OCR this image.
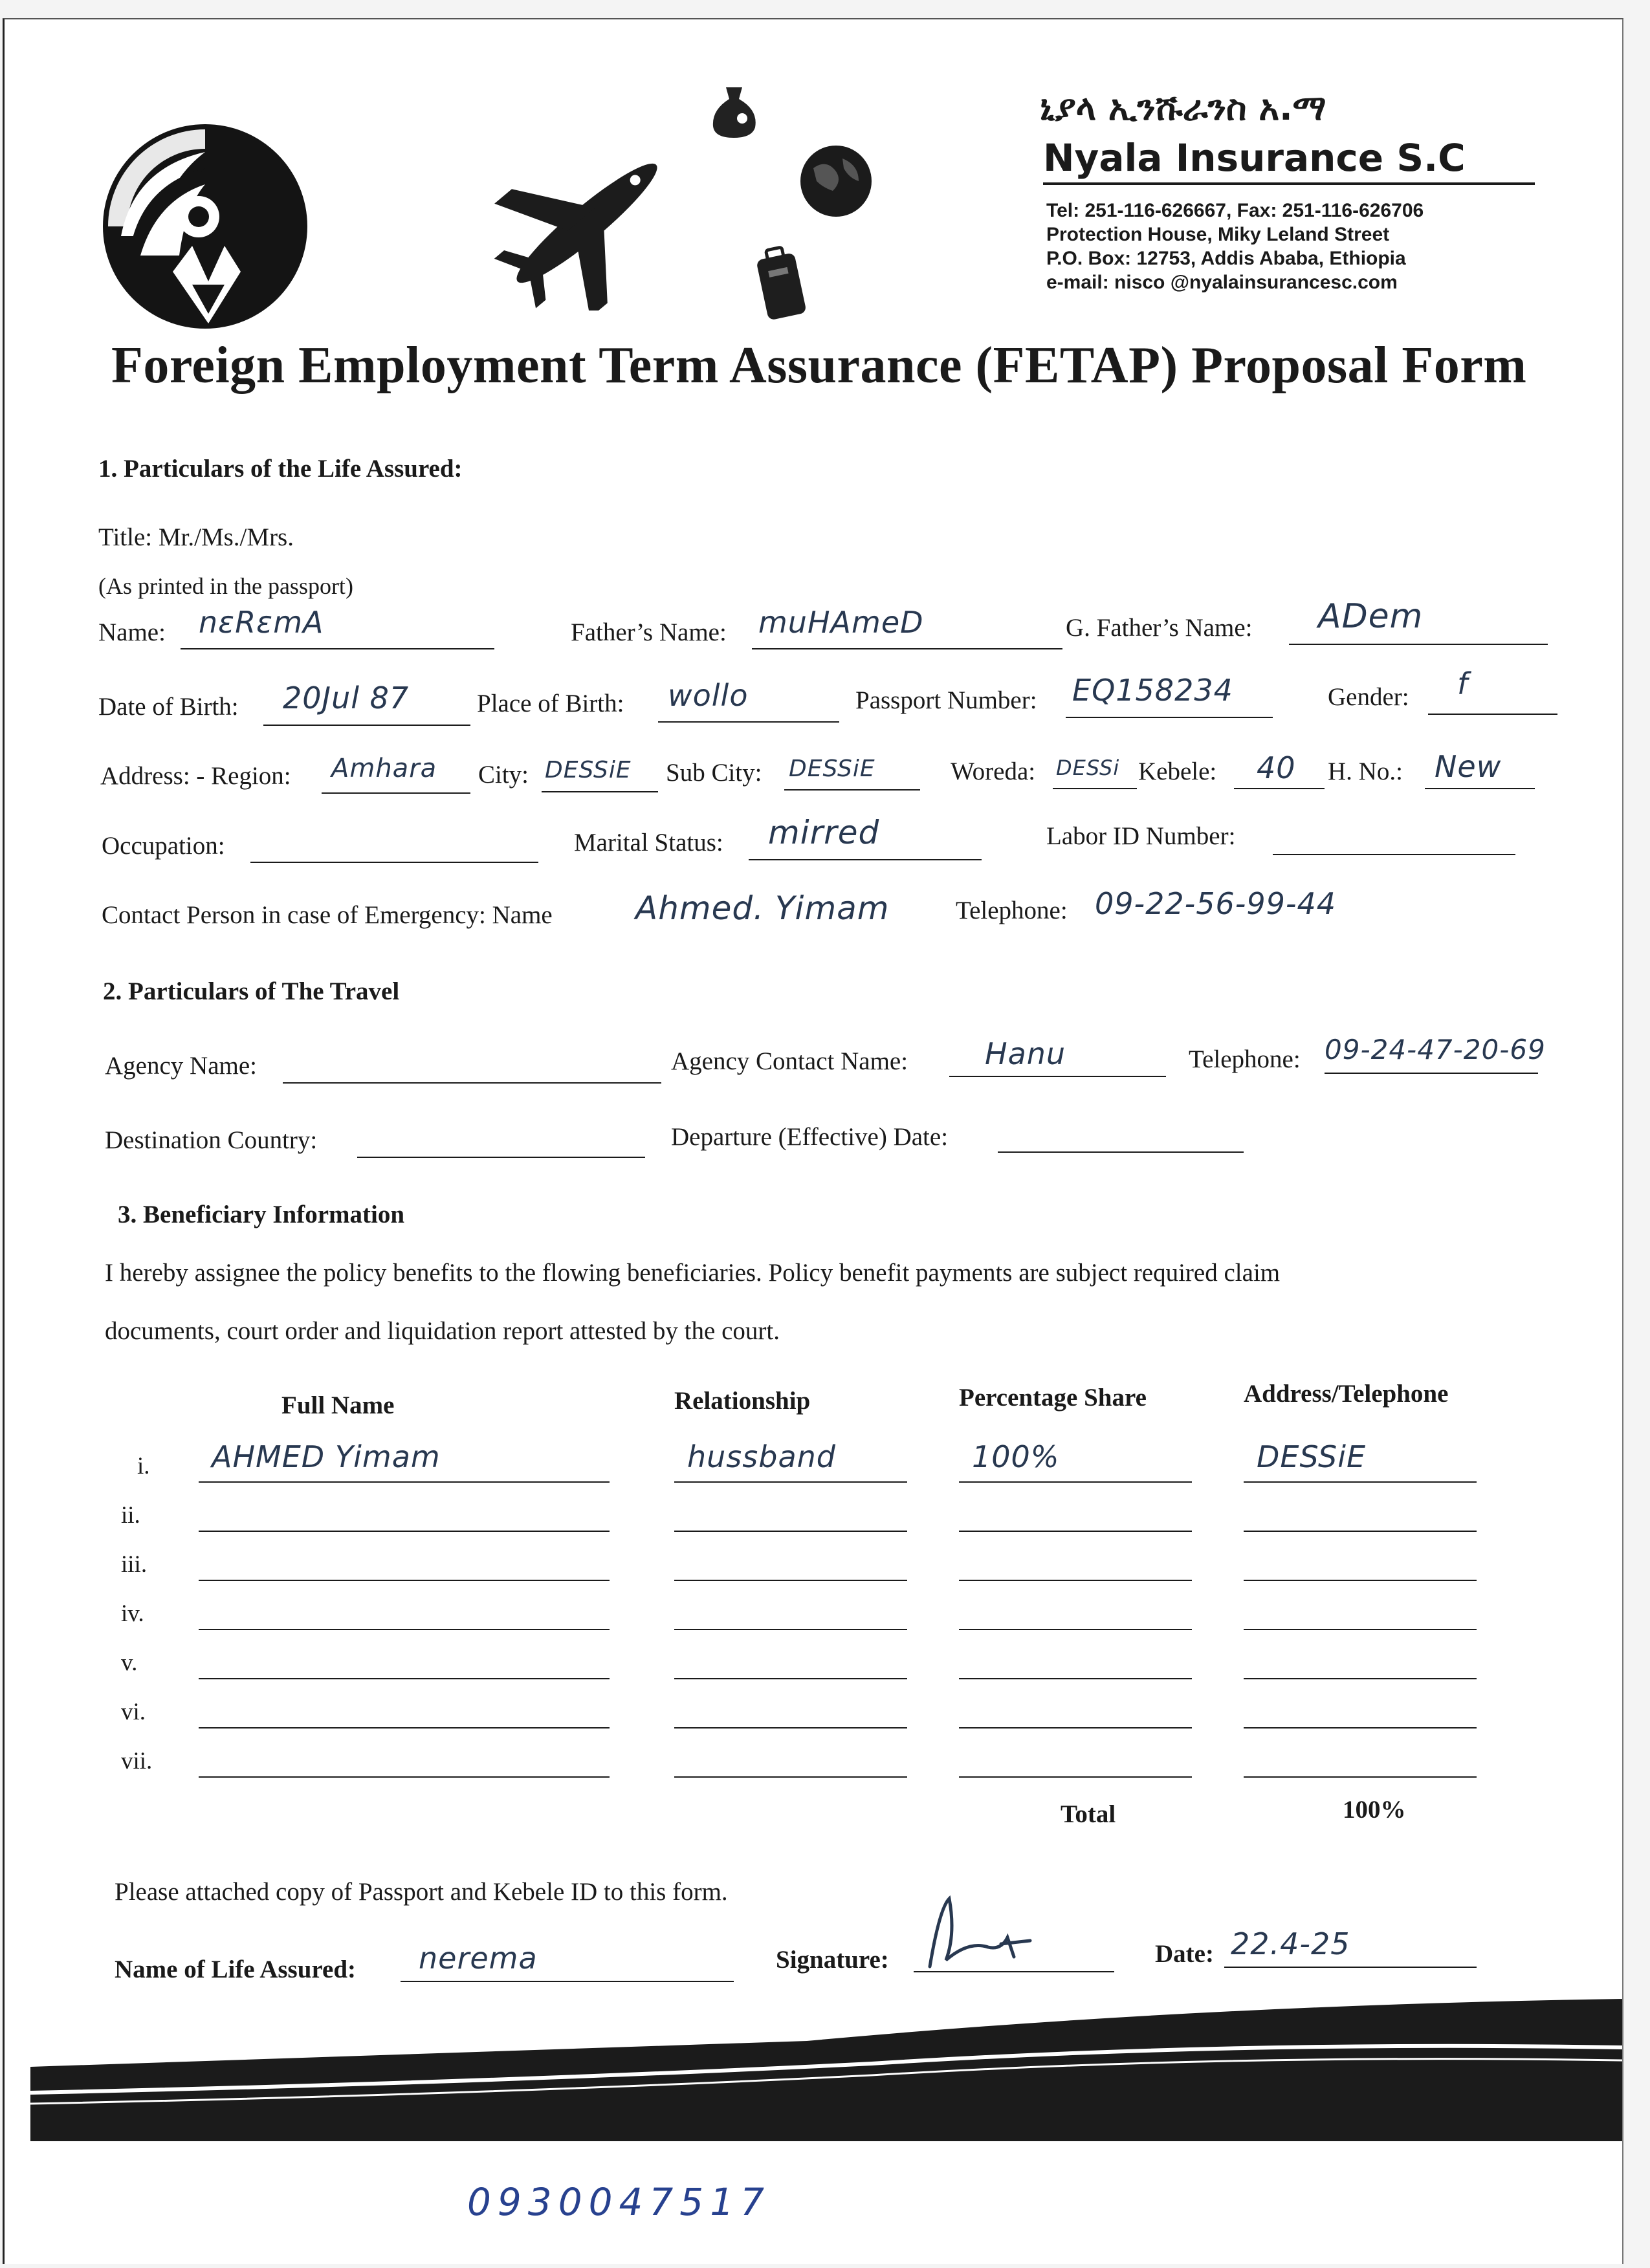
ኒያላ ኢንሹራንስ አ.ማ
Nyala Insurance S.C
Tel: 251-116-626667, Fax: 251-116-626706
Protection House, Miky Leland Street
P.O. Box: 12753, Addis Ababa, Ethiopia
e-mail: nisco @nyalainsurancesc.com
Foreign Employment Term Assurance (FETAP) Proposal Form
1. Particulars of the Life Assured:
Title: Mr./Ms./Mrs.
(As printed in the passport)
Name: nɛRɛmA	Father’s Name: muHAmeD	G. Father’s Name: ADem
Date of Birth: 20Jul 87	Place of Birth: wollo	Passport Number: EQ158234	Gender: f
Address: - Region: Amhara City: DESSiE Sub City: DESSiE	Woreda: DESSi Kebele: 40 H. No.: New
Occupation:	Marital Status: mirred	Labor ID Number:
Contact Person in case of Emergency: Name	Ahmed. Yimam	Telephone: 09-22-56-99-44
2. Particulars of The Travel
Agency Name:	Agency Contact Name:	Hanu	Telephone: 09-24-47-20-69
Destination Country:	Departure (Effective) Date:
3. Beneficiary Information
I hereby assignee the policy benefits to the flowing beneficiaries. Policy benefit payments are subject required claim
documents, court order and liquidation report attested by the court.
Full Name	Relationship	Percentage Share	Address/Telephone
i. AHMED Yimam	hussband	100%	DESSiE
ii.
iii.
iv.
v.
vi.
vii.
Total	100%
Please attached copy of Passport and Kebele ID to this form.
Name of Life Assured: nerema	Signature:	Date: 22.4-25
0930047517
